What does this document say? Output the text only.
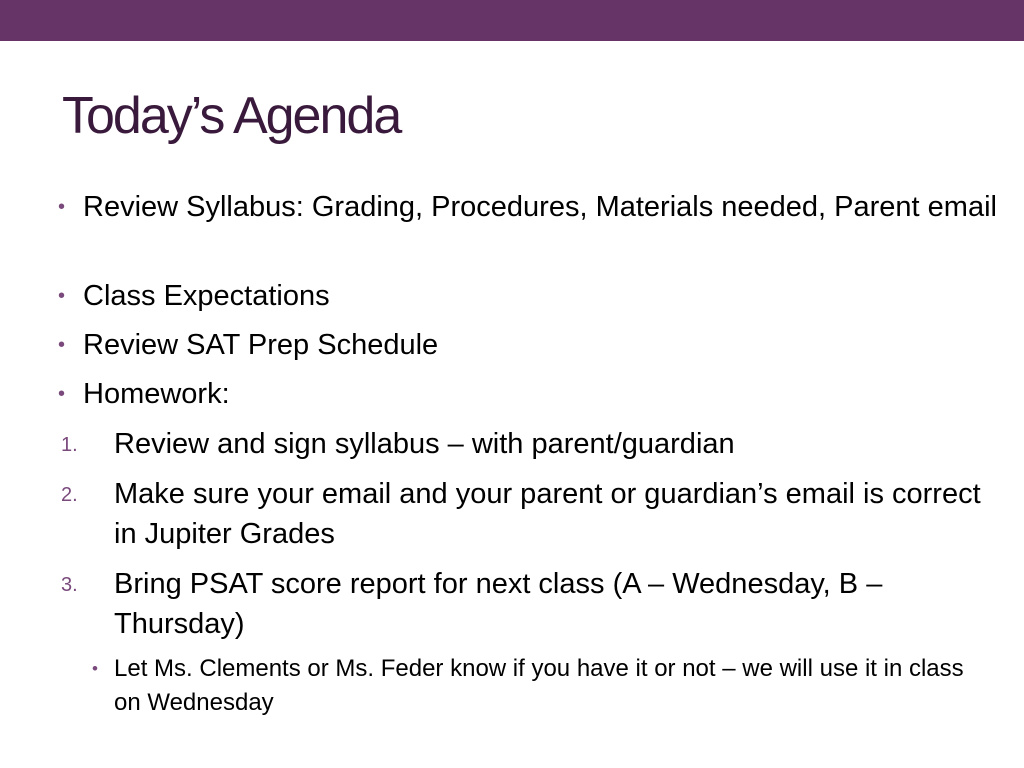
Today’s Agenda
• Review Syllabus: Grading, Procedures, Materials needed, Parent email
• Class Expectations
• Review SAT Prep Schedule
• Homework:
1. Review and sign syllabus – with parent/guardian
2. Make sure your email and your parent or guardian’s email is correct in Jupiter Grades
3. Bring PSAT score report for next class (A – Wednesday, B – Thursday)
• Let Ms. Clements or Ms. Feder know if you have it or not – we will use it in class on Wednesday
